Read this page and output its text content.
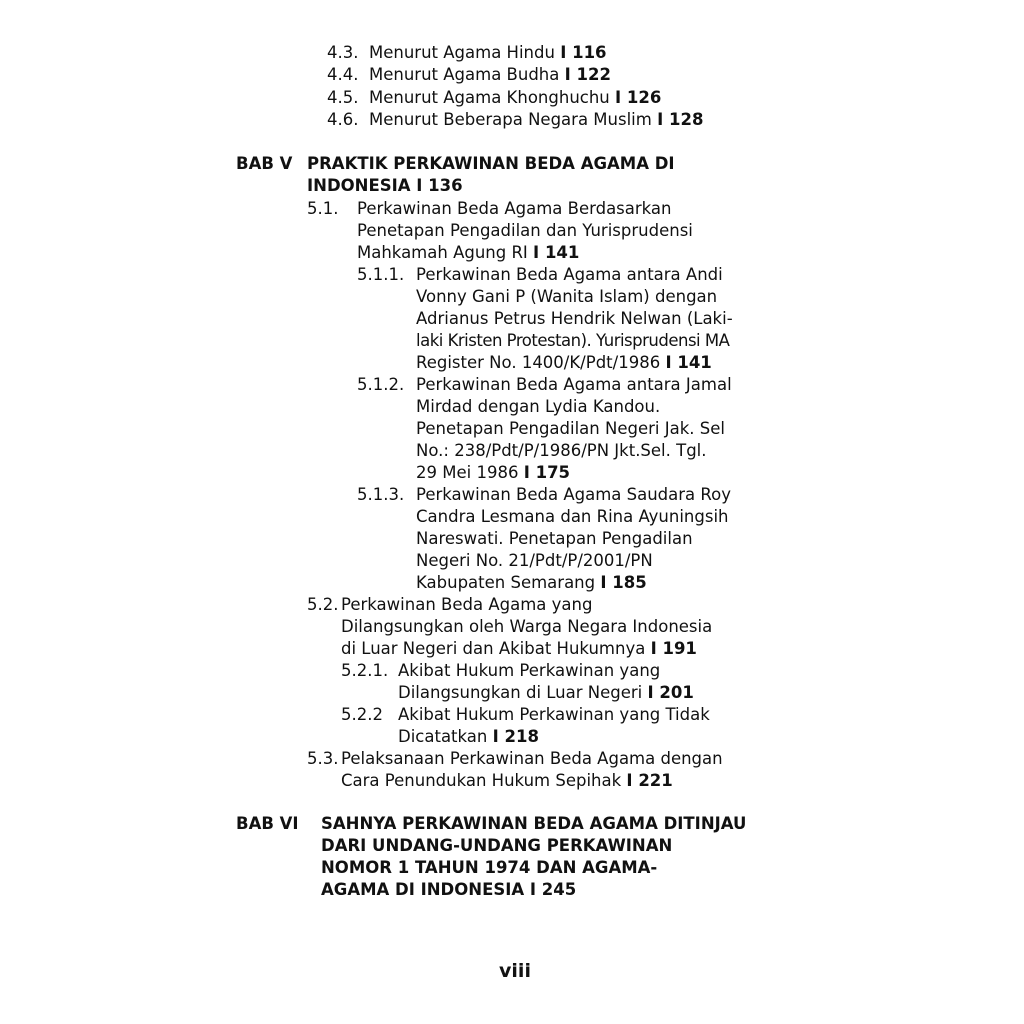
4.3. Menurut Agama Hindu I 116
4.4. Menurut Agama Budha I 122
4.5. Menurut Agama Khonghuchu I 126
4.6. Menurut Beberapa Negara Muslim I 128
BAB V PRAKTIK PERKAWINAN BEDA AGAMA DI
INDONESIA I 136
5.1. Perkawinan Beda Agama Berdasarkan
Penetapan Pengadilan dan Yurisprudensi
Mahkamah Agung RI I 141
5.1.1. Perkawinan Beda Agama antara Andi
Vonny Gani P (Wanita Islam) dengan
Adrianus Petrus Hendrik Nelwan (Laki-
laki Kristen Protestan). Yurisprudensi MA
Register No. 1400/K/Pdt/1986 I 141
5.1.2. Perkawinan Beda Agama antara Jamal
Mirdad dengan Lydia Kandou.
Penetapan Pengadilan Negeri Jak. Sel
No.: 238/Pdt/P/1986/PN Jkt.Sel. Tgl.
29 Mei 1986 I 175
5.1.3. Perkawinan Beda Agama Saudara Roy
Candra Lesmana dan Rina Ayuningsih
Nareswati. Penetapan Pengadilan
Negeri No. 21/Pdt/P/2001/PN
Kabupaten Semarang I 185
5.2. Perkawinan Beda Agama yang
Dilangsungkan oleh Warga Negara Indonesia
di Luar Negeri dan Akibat Hukumnya I 191
5.2.1. Akibat Hukum Perkawinan yang
Dilangsungkan di Luar Negeri I 201
5.2.2 Akibat Hukum Perkawinan yang Tidak
Dicatatkan I 218
5.3. Pelaksanaan Perkawinan Beda Agama dengan
Cara Penundukan Hukum Sepihak I 221
BAB VI SAHNYA PERKAWINAN BEDA AGAMA DITINJAU
DARI UNDANG-UNDANG PERKAWINAN
NOMOR 1 TAHUN 1974 DAN AGAMA-
AGAMA DI INDONESIA I 245
viii
